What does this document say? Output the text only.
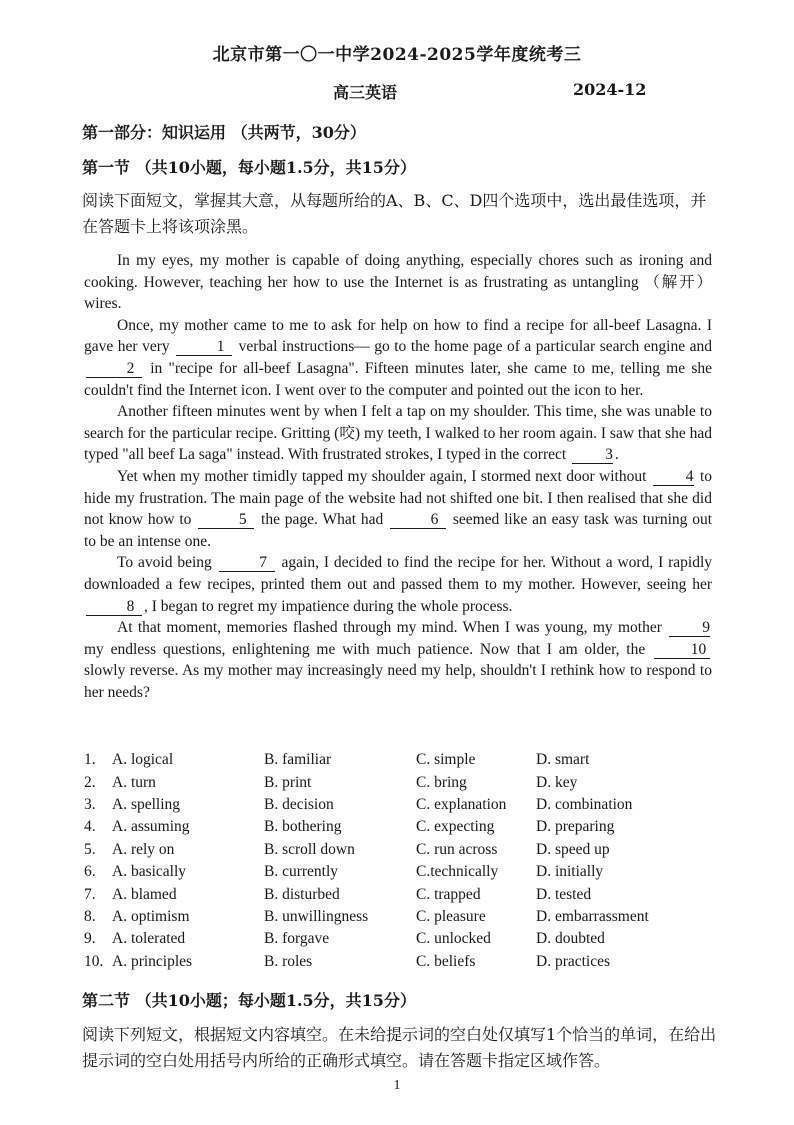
北京市第一〇一中学2024-2025学年度统考三
高三英语	2024-12
第一部分：知识运用 （共两节，30分）
第一节 （共10小题，每小题1.5分，共15分）
阅读下面短文，掌握其大意，从每题所给的A、B、C、D四个选项中，选出最佳选项，并在答题卡上将该项涂黑。

In my eyes, my mother is capable of doing anything, especially chores such as ironing and cooking. However, teaching her how to use the Internet is as frustrating as untangling （解开） wires.

Once, my mother came to me to ask for help on how to find a recipe for all-beef Lasagna. I gave her very	1 verbal instructions— go to the home page of a particular search engine and 2 in "recipe for all-beef Lasagna". Fifteen minutes later, she came to me, telling me she couldn't find the Internet icon. I went over to the computer and pointed out the icon to her.

Another fifteen minutes went by when I felt a tap on my shoulder. This time, she was unable to search for the particular recipe. Gritting (咬) my teeth, I walked to her room again. I saw that she had typed "all beef La saga" instead. With frustrated strokes, I typed in the correct	3 .

Yet when my mother timidly tapped my shoulder again, I stormed next door without	4 to hide my frustration. The main page of the website had not shifted one bit. I then realised that she did not know how to	5 the page. What had	6 seemed like an easy task was turning out to be an intense one.

To avoid being	7 again, I decided to find the recipe for her. Without a word, I rapidly downloaded a few recipes, printed them out and passed them to my mother. However, seeing her 8 , I began to regret my impatience during the whole process.

At that moment, memories flashed through my mind. When I was young, my mother	9 my endless questions, enlightening me with much patience. Now that I am older, the	10 slowly reverse. As my mother may increasingly need my help, shouldn't I rethink how to respond to her needs?

1.	A. logical	B. familiar	C. simple	D. smart
2.	A. turn	B. print	C. bring	D. key
3.	A. spelling	B. decision	C. explanation	D. combination
4.	A. assuming	B. bothering	C. expecting	D. preparing
5.	A. rely on	B. scroll down	C. run across	D. speed up
6.	A. basically	B. currently	C.technically	D. initially
7.	A. blamed	B. disturbed	C. trapped	D. tested
8.	A. optimism	B. unwillingness	C. pleasure	D. embarrassment
9.	A. tolerated	B. forgave	C. unlocked	D. doubted
10. A. principles	B. roles	C. beliefs	D. practices
第二节 （共10小题；每小题1.5分，共15分）
阅读下列短文，根据短文内容填空。在未给提示词的空白处仅填写1个恰当的单词，在给出提示词的空白处用括号内所给的正确形式填空。请在答题卡指定区域作答。
1
